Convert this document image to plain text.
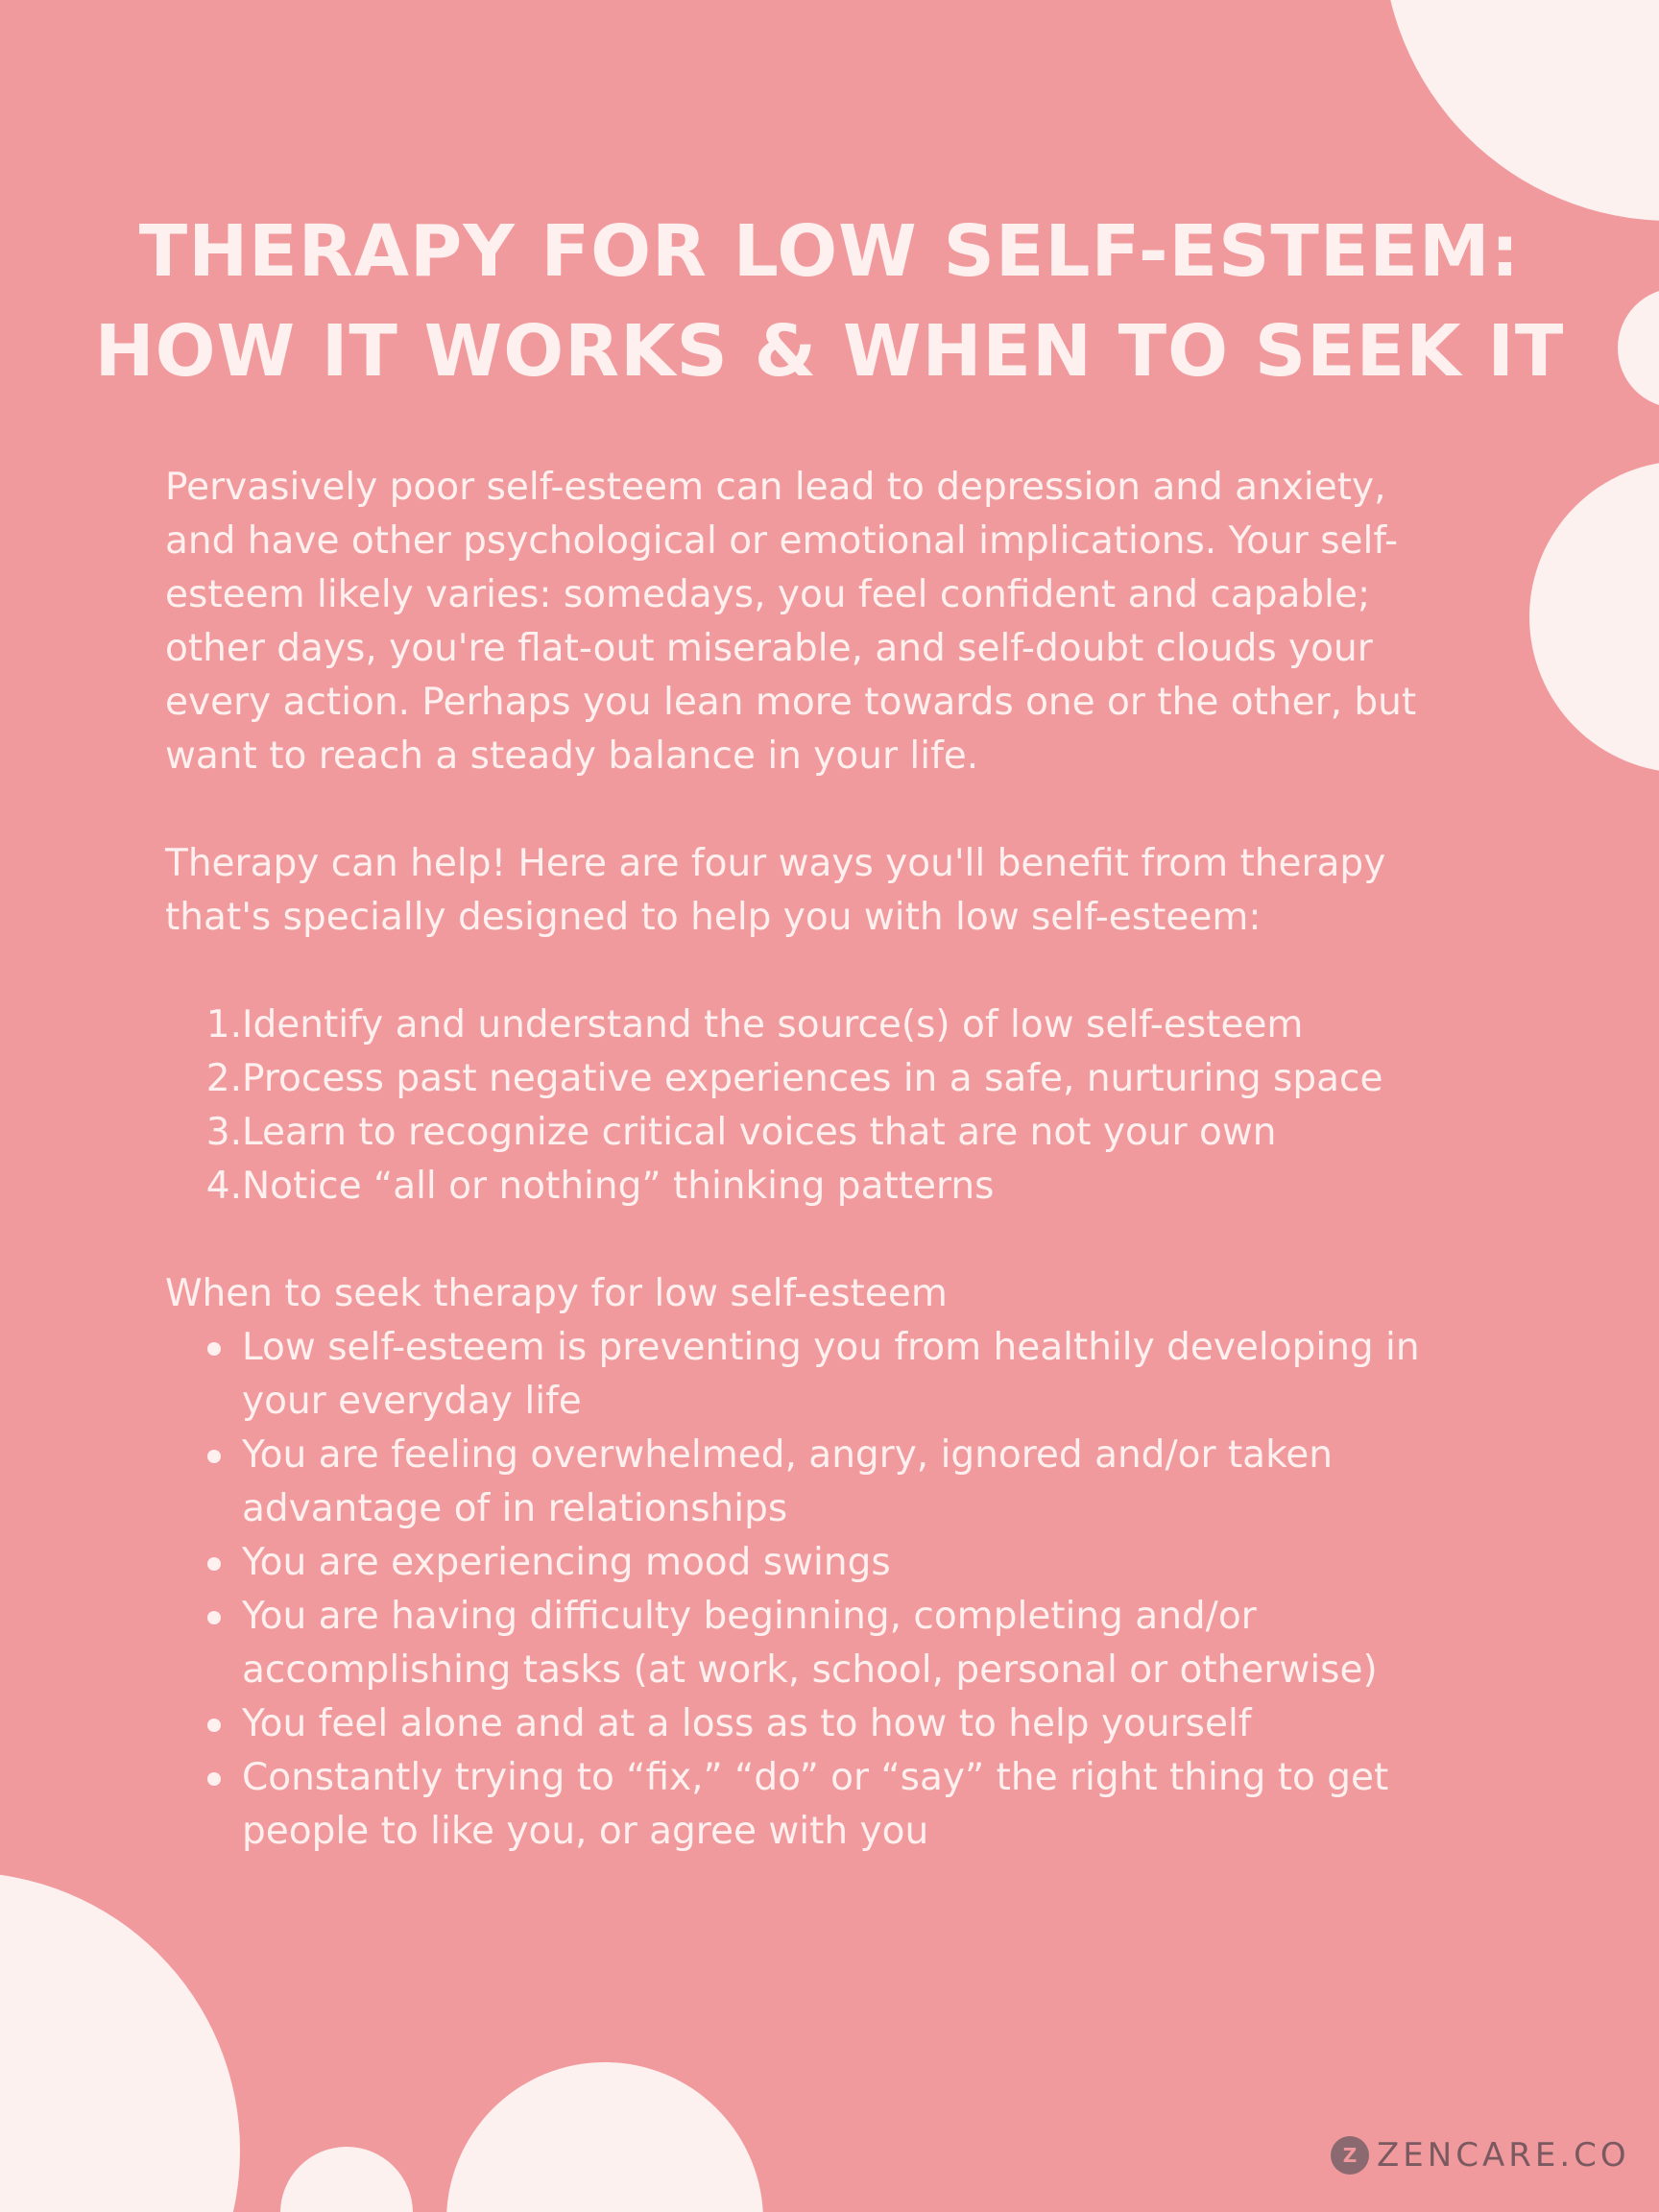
THERAPY FOR LOW SELF-ESTEEM:
HOW IT WORKS & WHEN TO SEEK IT

Pervasively poor self-esteem can lead to depression and anxiety,
and have other psychological or emotional implications. Your self-
esteem likely varies: somedays, you feel confident and capable;
other days, you're flat-out miserable, and self-doubt clouds your
every action. Perhaps you lean more towards one or the other, but
want to reach a steady balance in your life.

Therapy can help! Here are four ways you'll benefit from therapy
that's specially designed to help you with low self-esteem:

1. Identify and understand the source(s) of low self-esteem
2. Process past negative experiences in a safe, nurturing space
3. Learn to recognize critical voices that are not your own
4. Notice “all or nothing” thinking patterns

When to seek therapy for low self-esteem

Low self-esteem is preventing you from healthily developing in
your everyday life
You are feeling overwhelmed, angry, ignored and/or taken
advantage of in relationships
You are experiencing mood swings
You are having difficulty beginning, completing and/or
accomplishing tasks (at work, school, personal or otherwise)
You feel alone and at a loss as to how to help yourself
Constantly trying to “fix,” “do” or “say” the right thing to get
people to like you, or agree with you
Z ZENCARE.CO
